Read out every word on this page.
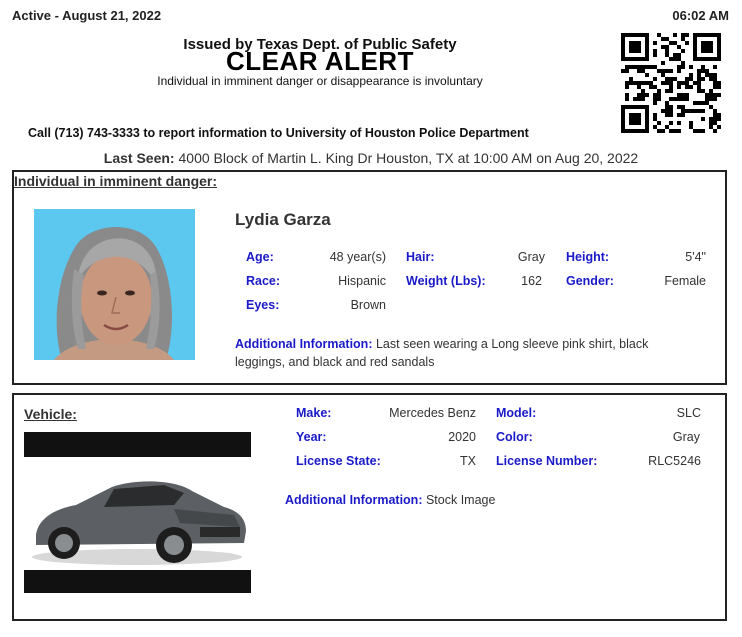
Active - August 21, 2022	06:02 AM
Issued by Texas Dept. of Public Safety
CLEAR ALERT
Individual in imminent danger or disappearance is involuntary
Call (713) 743-3333 to report information to University of Houston Police Department
Last Seen: 4000 Block of Martin L. King Dr Houston, TX at 10:00 AM on Aug 20, 2022
Individual in imminent danger:
Lydia Garza
Age:	48 year(s) Hair:	Gray Height:	5'4"
Race:	Hispanic Weight (Lbs):	162 Gender:	Female
Eyes:	Brown
Additional Information: Last seen wearing a Long sleeve pink shirt, black leggings, and black and red sandals
Vehicle:	Make:	Mercedes Benz Model:	SLC
Year:	2020 Color:	Gray
License State:	TX License Number:	RLC5246
Additional Information: Stock Image
